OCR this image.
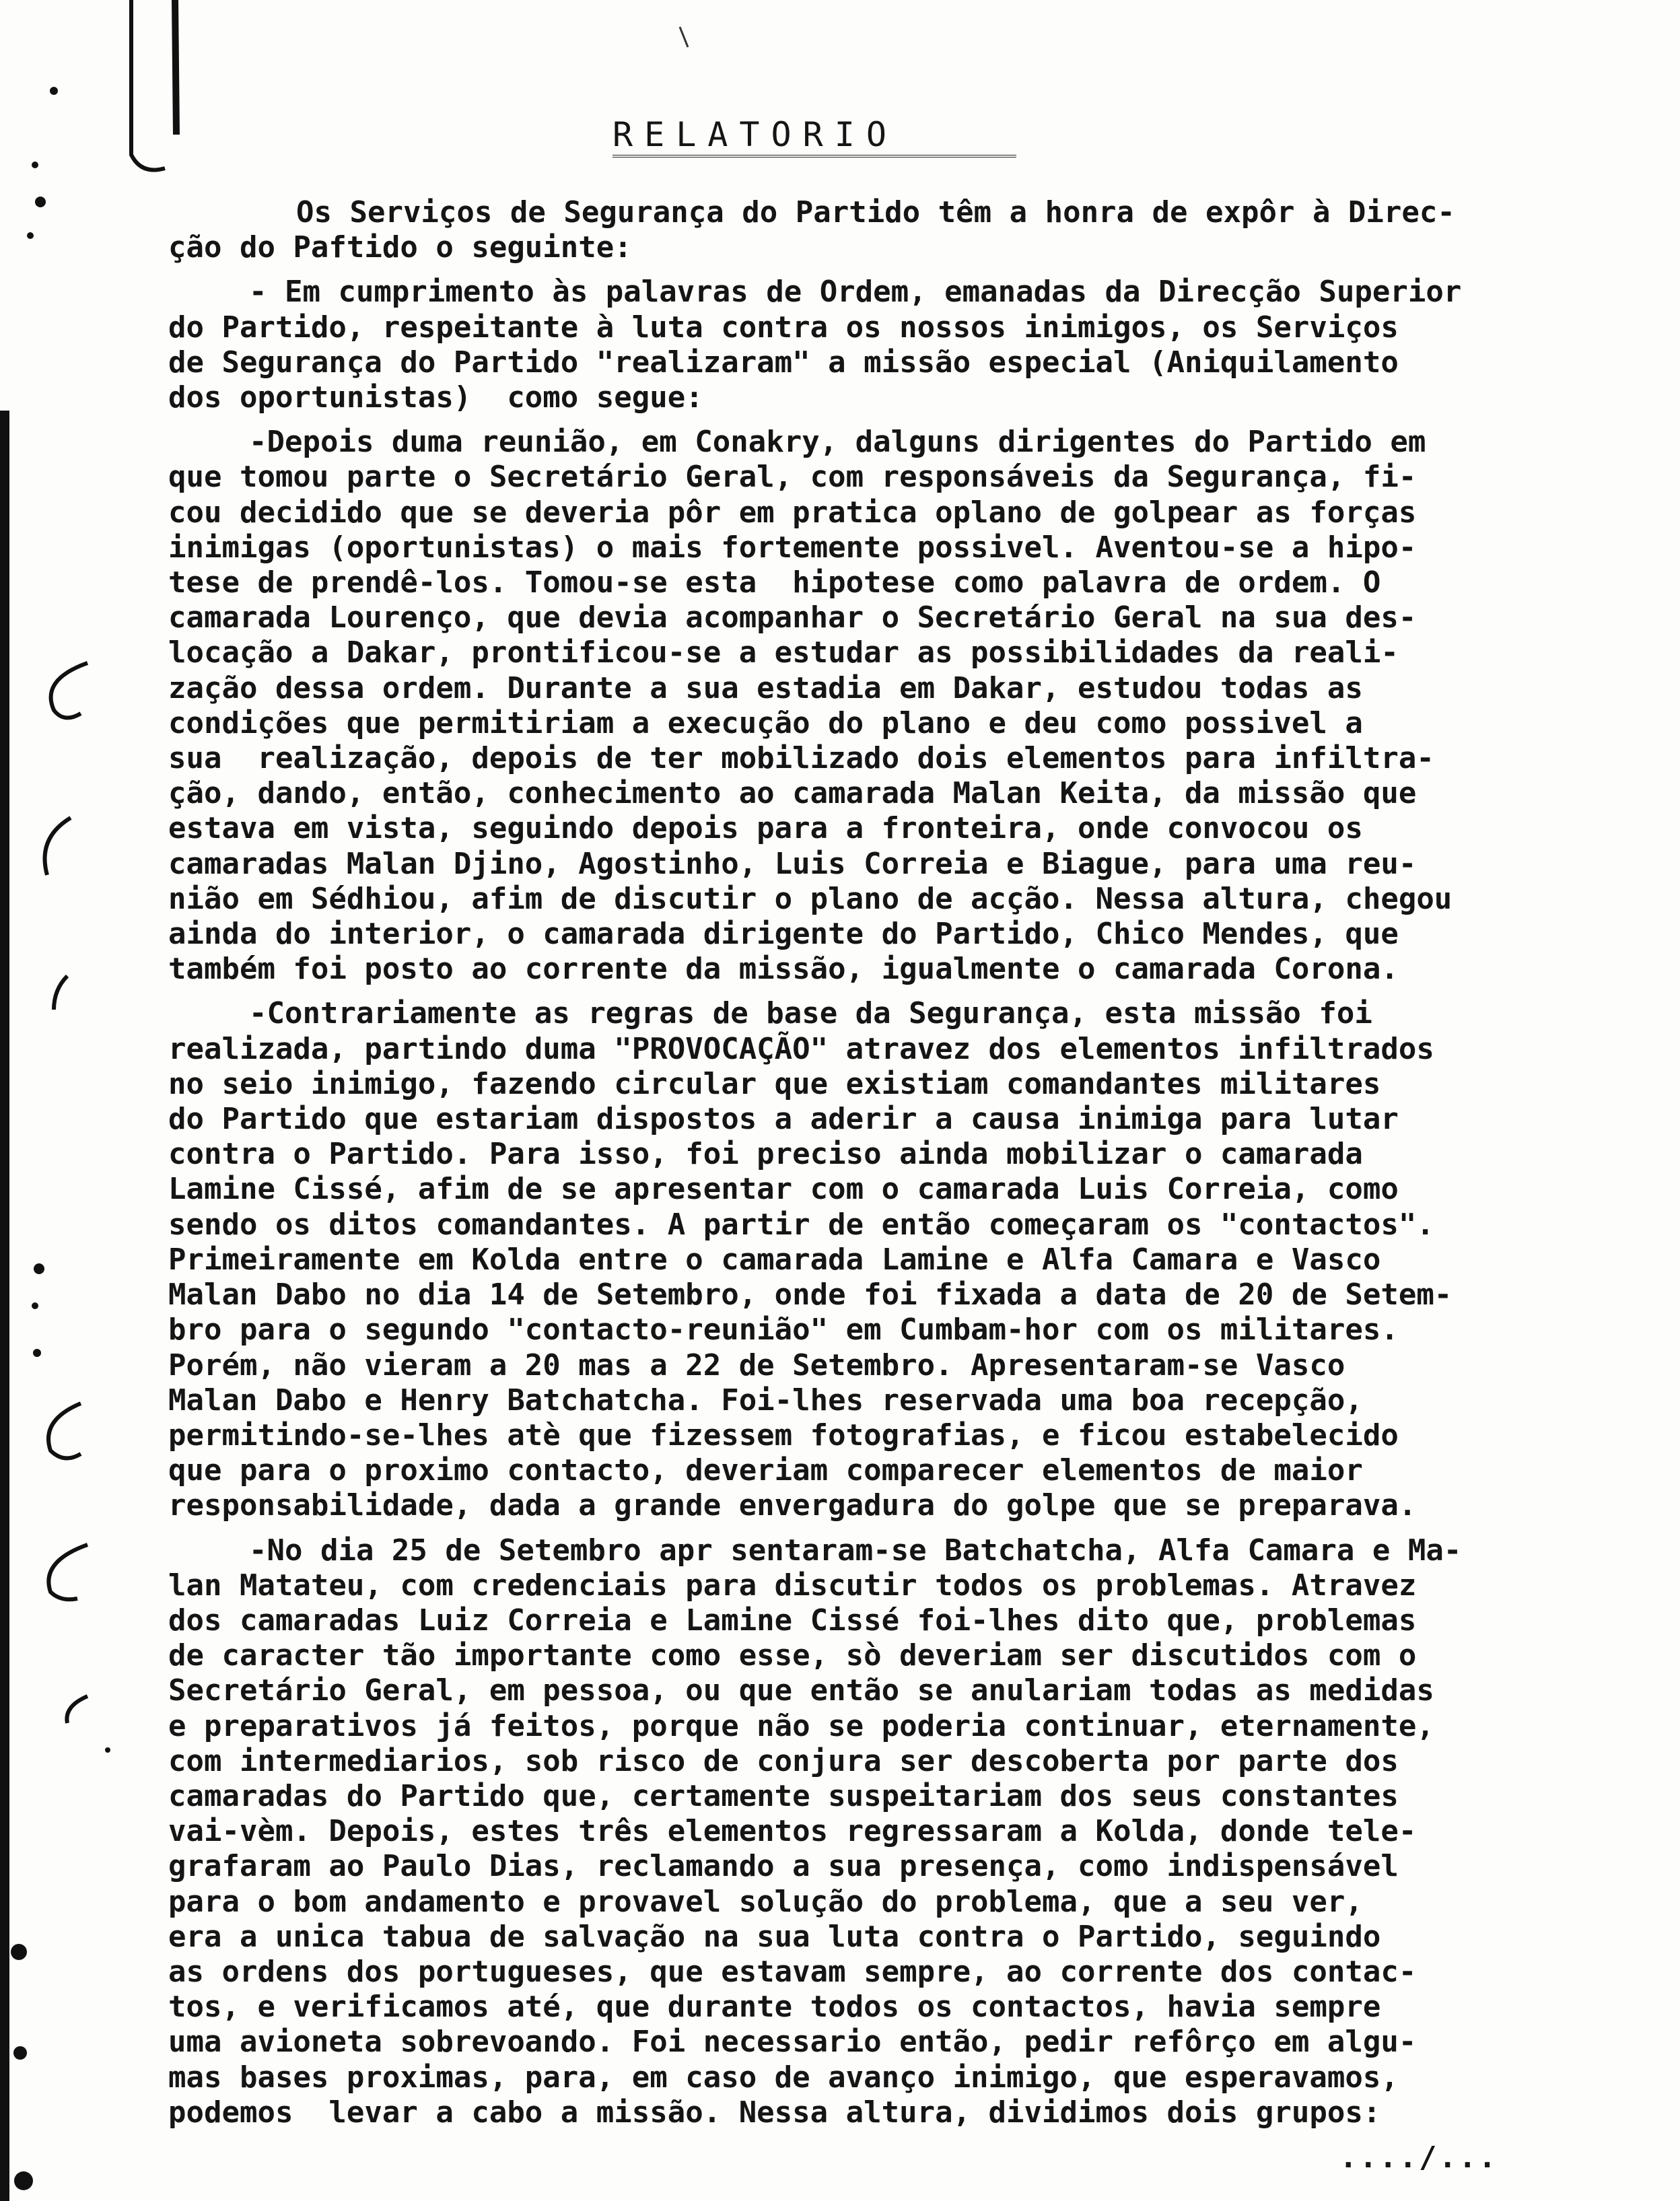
RELATORIO

Os Serviços de Segurança do Partido têm a honra de expôr à Direc-

ção do Paftido o seguinte:

- Em cumprimento às palavras de Ordem, emanadas da Direcção Superior

do Partido, respeitante à luta contra os nossos inimigos, os Serviços

de Segurança do Partido "realizaram" a missão especial (Aniquilamento

dos oportunistas)  como segue:

-Depois duma reunião, em Conakry, dalguns dirigentes do Partido em

que tomou parte o Secretário Geral, com responsáveis da Segurança, fi-

cou decidido que se deveria pôr em pratica oplano de golpear as forças

inimigas (oportunistas) o mais fortemente possivel. Aventou-se a hipo-

tese de prendê-los. Tomou-se esta  hipotese como palavra de ordem. O

camarada Lourenço, que devia acompanhar o Secretário Geral na sua des-

locação a Dakar, prontificou-se a estudar as possibilidades da reali-

zação dessa ordem. Durante a sua estadia em Dakar, estudou todas as

condições que permitiriam a execução do plano e deu como possivel a

sua  realização, depois de ter mobilizado dois elementos para infiltra-

ção, dando, então, conhecimento ao camarada Malan Keita, da missão que

estava em vista, seguindo depois para a fronteira, onde convocou os

camaradas Malan Djino, Agostinho, Luis Correia e Biague, para uma reu-

nião em Sédhiou, afim de discutir o plano de acção. Nessa altura, chegou

ainda do interior, o camarada dirigente do Partido, Chico Mendes, que

também foi posto ao corrente da missão, igualmente o camarada Corona.

-Contrariamente as regras de base da Segurança, esta missão foi

realizada, partindo duma "PROVOCAÇÃO" atravez dos elementos infiltrados

no seio inimigo, fazendo circular que existiam comandantes militares

do Partido que estariam dispostos a aderir a causa inimiga para lutar

contra o Partido. Para isso, foi preciso ainda mobilizar o camarada

Lamine Cissé, afim de se apresentar com o camarada Luis Correia, como

sendo os ditos comandantes. A partir de então começaram os "contactos".

Primeiramente em Kolda entre o camarada Lamine e Alfa Camara e Vasco

Malan Dabo no dia 14 de Setembro, onde foi fixada a data de 20 de Setem-

bro para o segundo "contacto-reunião" em Cumbam-hor com os militares.

Porém, não vieram a 20 mas a 22 de Setembro. Apresentaram-se Vasco

Malan Dabo e Henry Batchatcha. Foi-lhes reservada uma boa recepção,

permitindo-se-lhes atè que fizessem fotografias, e ficou estabelecido

que para o proximo contacto, deveriam comparecer elementos de maior

responsabilidade, dada a grande envergadura do golpe que se preparava.

-No dia 25 de Setembro apr sentaram-se Batchatcha, Alfa Camara e Ma-

lan Matateu, com credenciais para discutir todos os problemas. Atravez

dos camaradas Luiz Correia e Lamine Cissé foi-lhes dito que, problemas

de caracter tão importante como esse, sò deveriam ser discutidos com o

Secretário Geral, em pessoa, ou que então se anulariam todas as medidas

e preparativos já feitos, porque não se poderia continuar, eternamente,

com intermediarios, sob risco de conjura ser descoberta por parte dos

camaradas do Partido que, certamente suspeitariam dos seus constantes

vai-vèm. Depois, estes três elementos regressaram a Kolda, donde tele-

grafaram ao Paulo Dias, reclamando a sua presença, como indispensável

para o bom andamento e provavel solução do problema, que a seu ver,

era a unica tabua de salvação na sua luta contra o Partido, seguindo

as ordens dos portugueses, que estavam sempre, ao corrente dos contac-

tos, e verificamos até, que durante todos os contactos, havia sempre

uma avioneta sobrevoando. Foi necessario então, pedir refôrço em algu-

mas bases proximas, para, em caso de avanço inimigo, que esperavamos,

podemos  levar a cabo a missão. Nessa altura, dividimos dois grupos:

..../...
